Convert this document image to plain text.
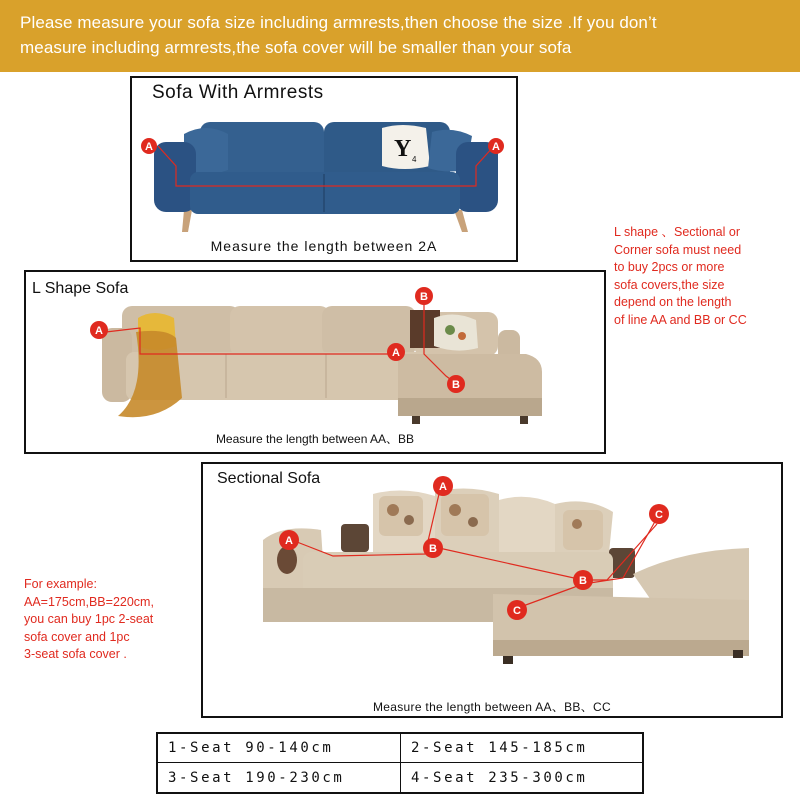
Please measure your sofa size including armrests,then choose the size .If you don’t
measure including armrests,the sofa cover will be smaller than your sofa
Sofa With Armrests
Y 4
A	A
Measure the length between 2A
L shape 、Sectional or
Corner sofa must need
to buy 2pcs or more
sofa covers,the size
depend on the length
of line AA and BB or CC
A
A
B
B
L Shape Sofa
Measure the length between AA、BB
For example:
AA=175cm,BB=220cm,
you can buy 1pc 2-seat
sofa cover and 1pc
3-seat sofa cover .
A
A
B
B
C
C
Sectional Sofa
Measure the length between AA、BB、CC
1-Seat 90-140cm	2-Seat 145-185cm
3-Seat 190-230cm	4-Seat 235-300cm
